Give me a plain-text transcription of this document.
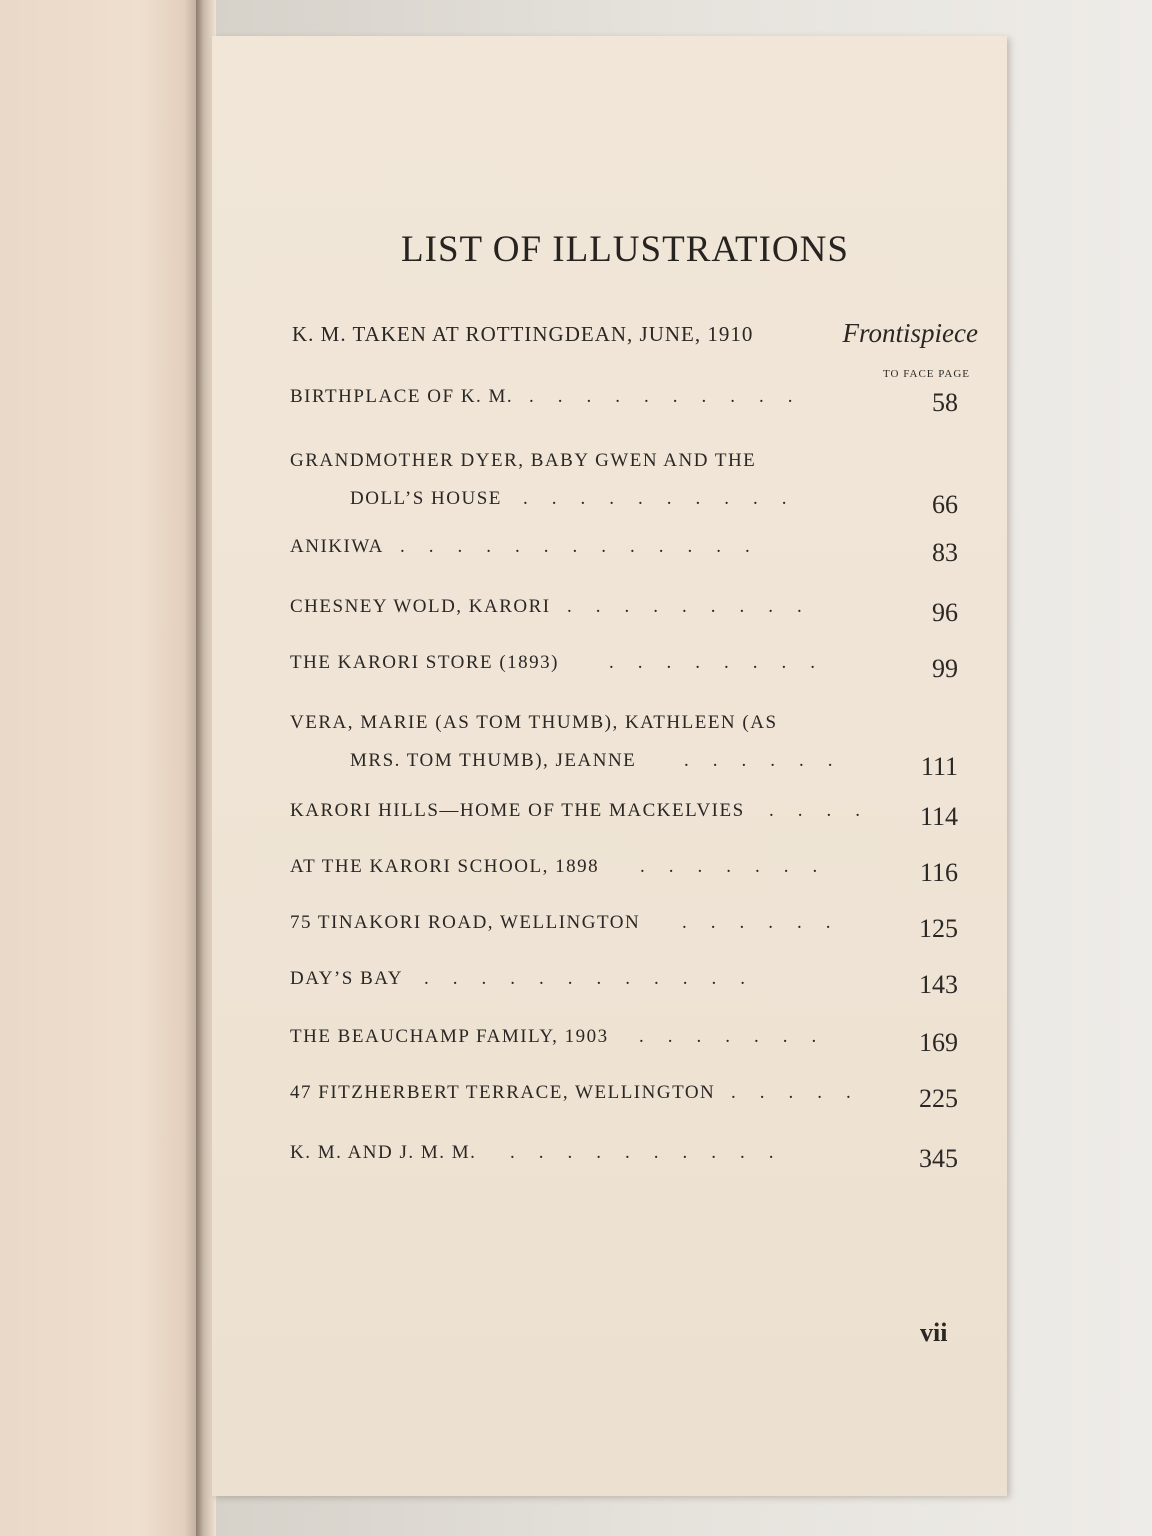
LIST OF ILLUSTRATIONS
K. M. TAKEN AT ROTTINGDEAN, JUNE, 1910	Frontispiece
TO FACE PAGE
BIRTHPLACE OF K. M. ..........	58
GRANDMOTHER DYER, BABY GWEN AND THE
DOLL’S HOUSE ..........	66
ANIKIWA .............	83
CHESNEY WOLD, KARORI .........	96
THE KARORI STORE (1893)	........	99
VERA, MARIE (AS TOM THUMB), KATHLEEN (AS
MRS. TOM THUMB), JEANNE	...... 111
KARORI HILLS—HOME OF THE MACKELVIES .... 114
AT THE KARORI SCHOOL, 1898 .......	116
75 TINAKORI ROAD, WELLINGTON ...... 125
DAY’S BAY ............	143
THE BEAUCHAMP FAMILY, 1903 .......	169
47 FITZHERBERT TERRACE, WELLINGTON ..... 225
K. M. AND J. M. M. ..........	345
vii
